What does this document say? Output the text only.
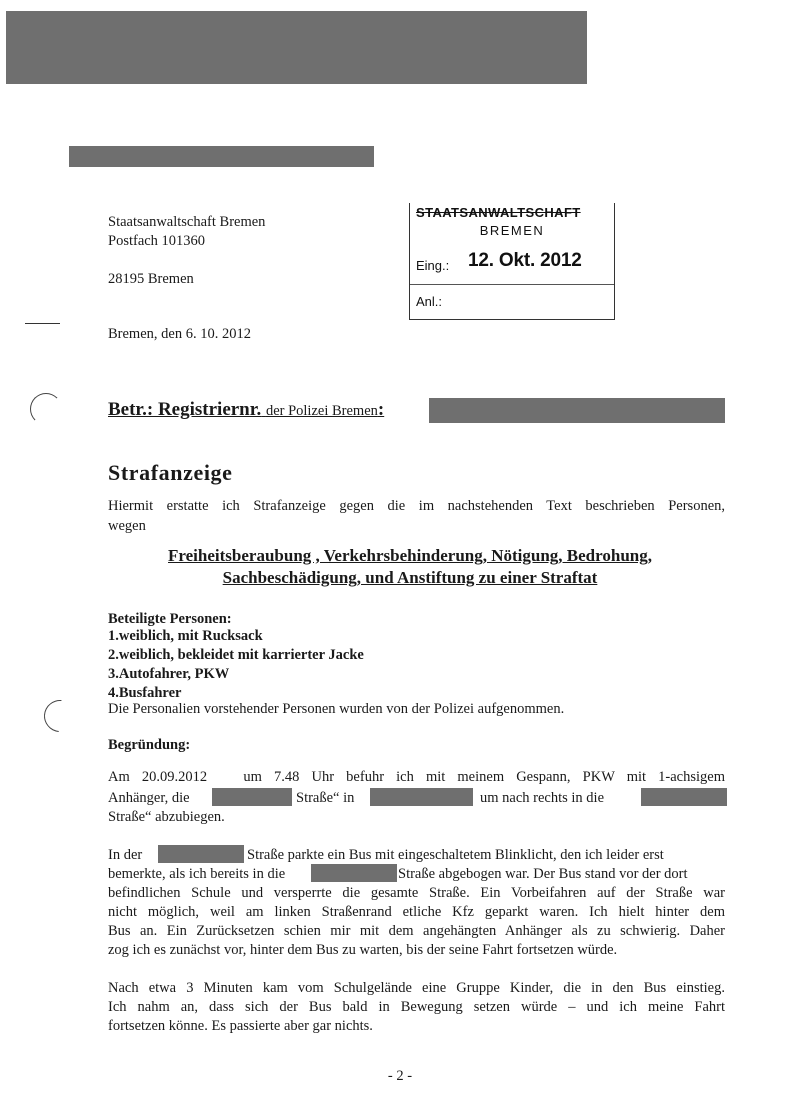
Staatsanwaltschaft Bremen
Postfach 101360
28195 Bremen
Bremen, den 6. 10. 2012
STAATSANWALTSCHAFT
BREMEN
Eing.: 12. Okt. 2012
Anl.:
Betr.: Registriernr. der Polizei Bremen:
Strafanzeige
Hiermit erstatte ich Strafanzeige gegen die im nachstehenden Text beschrieben Personen,
wegen
Freiheitsberaubung , Verkehrsbehinderung, Nötigung, Bedrohung,
Sachbeschädigung, und Anstiftung zu einer Straftat
Beteiligte Personen:
1.weiblich, mit Rucksack
2.weiblich, bekleidet mit karrierter Jacke
3.Autofahrer, PKW
4.Busfahrer
Die Personalien vorstehender Personen wurden von der Polizei aufgenommen.
Begründung:
Am 20.09.2012   um 7.48 Uhr befuhr ich mit meinem Gespann, PKW mit 1-achsigem
Anhänger, die	Straße“ in	um nach rechts in die
Straße“ abzubiegen.
In der	Straße parkte ein Bus mit eingeschaltetem Blinklicht, den ich leider erst
bemerkte, als ich bereits in die	Straße abgebogen war. Der Bus stand vor der dort
befindlichen Schule und versperrte die gesamte Straße. Ein Vorbeifahren auf der Straße war
nicht möglich, weil am linken Straßenrand etliche Kfz geparkt waren. Ich hielt hinter dem
Bus an. Ein Zurücksetzen schien mir mit dem angehängten Anhänger als zu schwierig. Daher
zog ich es zunächst vor, hinter dem Bus zu warten, bis der seine Fahrt fortsetzen würde.
Nach etwa 3 Minuten kam vom Schulgelände eine Gruppe Kinder, die in den Bus einstieg.
Ich nahm an, dass sich der Bus bald in Bewegung setzen würde – und ich meine Fahrt
fortsetzen könne. Es passierte aber gar nichts.
- 2 -
